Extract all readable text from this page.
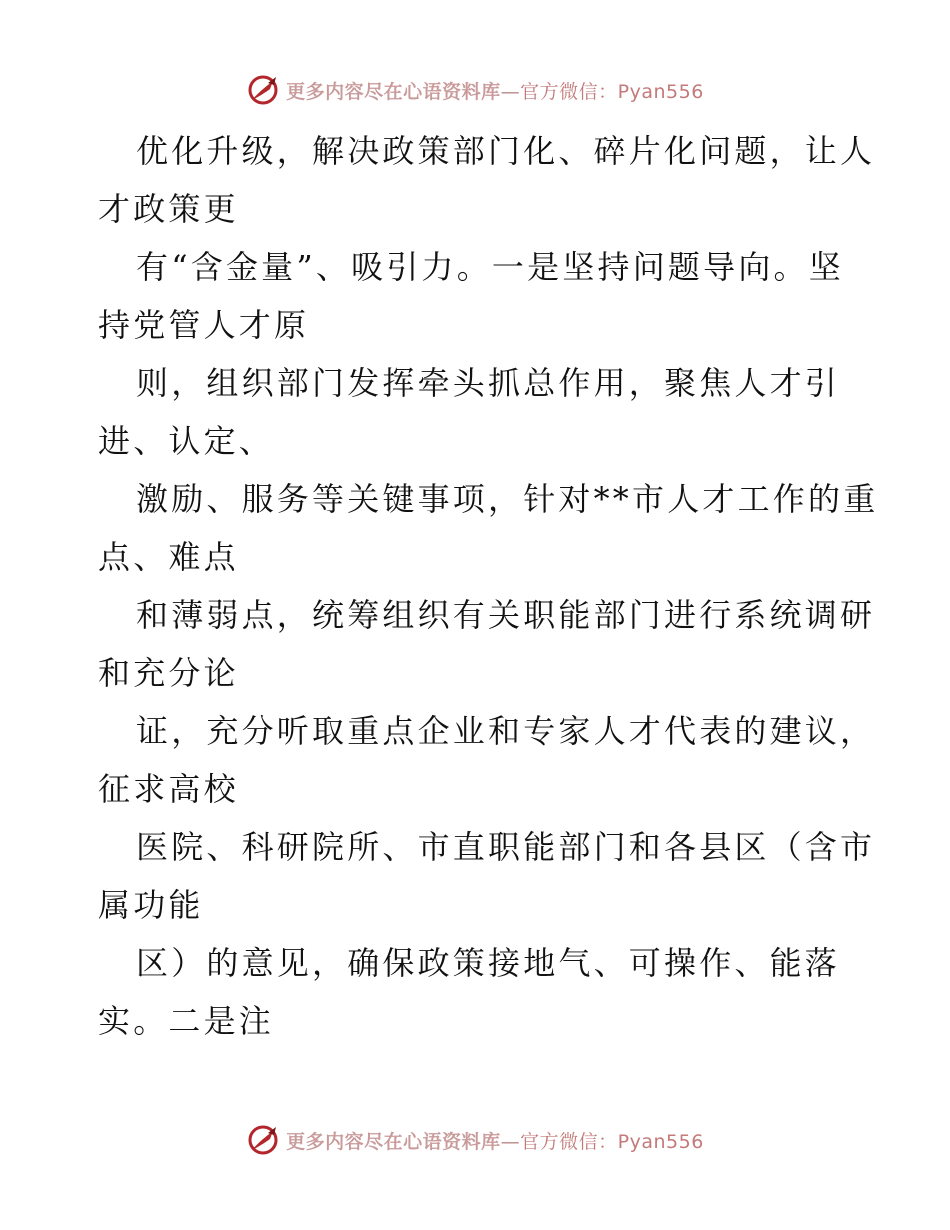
更多内容尽在心语资料库—官方微信：Pyan556
优化升级，解决政策部门化、碎片化问题，让人
才政策更
有“含金量”、吸引力。一是坚持问题导向。坚
持党管人才原
则，组织部门发挥牵头抓总作用，聚焦人才引
进、认定、
激励、服务等关键事项，针对**市人才工作的重
点、难点
和薄弱点，统筹组织有关职能部门进行系统调研
和充分论
证，充分听取重点企业和专家人才代表的建议，
征求高校
医院、科研院所、市直职能部门和各县区（含市
属功能
区）的意见，确保政策接地气、可操作、能落
实。二是注
更多内容尽在心语资料库—官方微信：Pyan556
